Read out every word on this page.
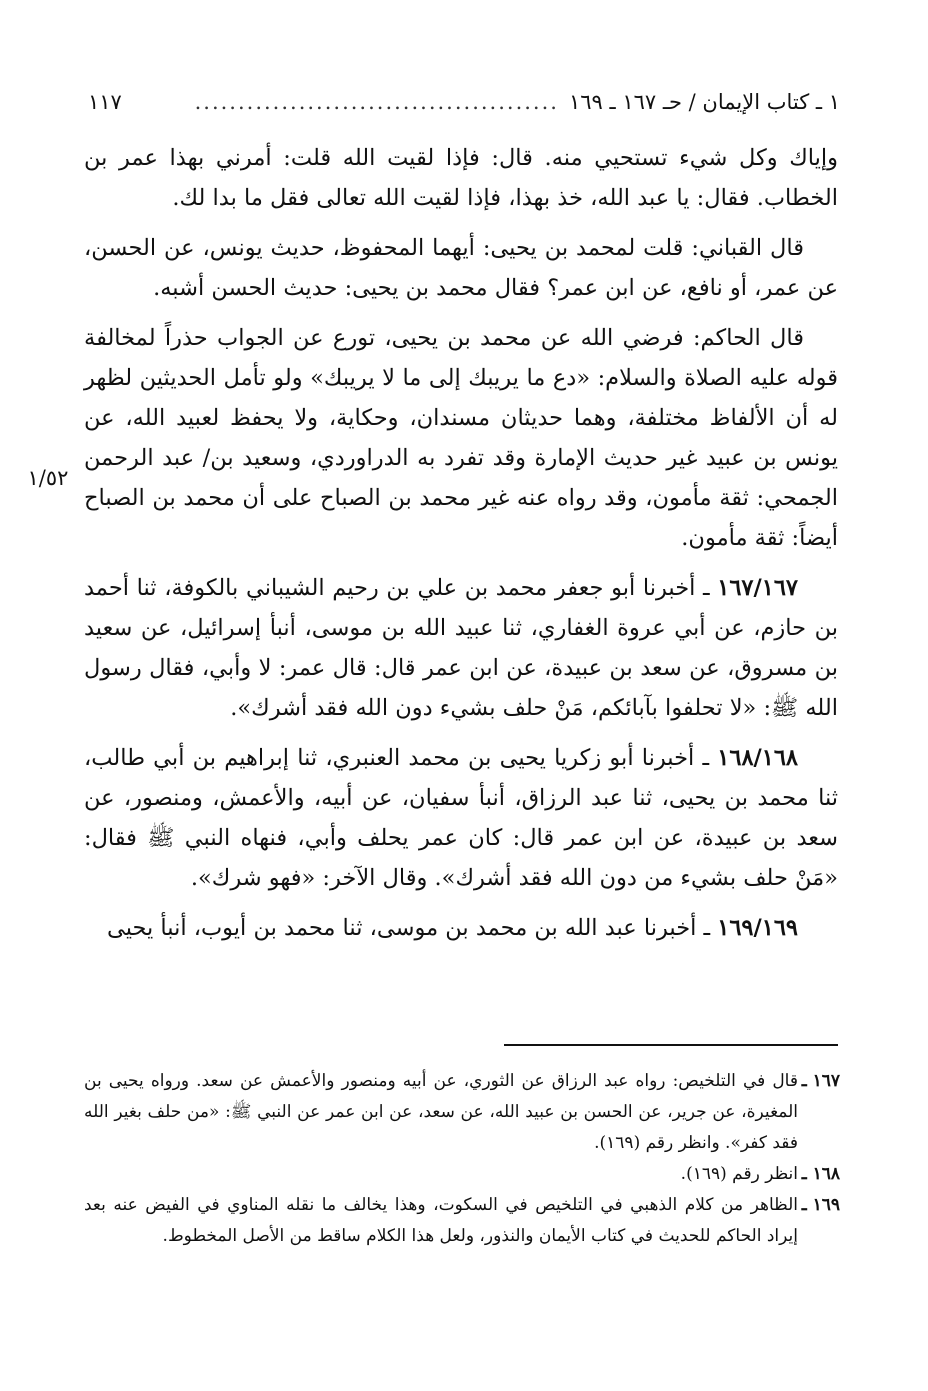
١ ـ كتاب الإيمان / حـ ١٦٧ ـ ١٦٩
..........................................
١١٧
١/٥٢

وإياك وكل شيء تستحيي منه. قال: فإذا لقيت الله قلت: أمرني بهذا عمر بن الخطاب. فقال: يا عبد الله، خذ بهذا، فإذا لقيت الله تعالى فقل ما بدا لك.

قال القباني: قلت لمحمد بن يحيى: أيهما المحفوظ، حديث يونس، عن الحسن، عن عمر، أو نافع، عن ابن عمر؟ فقال محمد بن يحيى: حديث الحسن أشبه.

قال الحاكم: فرضي الله عن محمد بن يحيى، تورع عن الجواب حذراً لمخالفة قوله عليه الصلاة والسلام: «دع ما يريبك إلى ما لا يريبك» ولو تأمل الحديثين لظهر له أن الألفاظ مختلفة، وهما حديثان مسندان، وحكاية، ولا يحفظ لعبيد الله، عن يونس بن عبيد غير حديث الإمارة وقد تفرد به الدراوردي، وسعيد بن/ عبد الرحمن الجمحي: ثقة مأمون، وقد رواه عنه غير محمد بن الصباح على أن محمد بن الصباح أيضاً: ثقة مأمون.

١٦٧/١٦٧ ـ أخبرنا أبو جعفر محمد بن علي بن رحيم الشيباني بالكوفة، ثنا أحمد بن حازم، عن أبي عروة الغفاري، ثنا عبيد الله بن موسى، أنبأ إسرائيل، عن سعيد بن مسروق، عن سعد بن عبيدة، عن ابن عمر قال: قال عمر: لا وأبي، فقال رسول الله ﷺ: «لا تحلفوا بآبائكم، مَنْ حلف بشيء دون الله فقد أشرك».

١٦٨/١٦٨ ـ أخبرنا أبو زكريا يحيى بن محمد العنبري، ثنا إبراهيم بن أبي طالب، ثنا محمد بن يحيى، ثنا عبد الرزاق، أنبأ سفيان، عن أبيه، والأعمش، ومنصور، عن سعد بن عبيدة، عن ابن عمر قال: كان عمر يحلف وأبي، فنهاه النبي ﷺ فقال: «مَنْ حلف بشيء من دون الله فقد أشرك». وقال الآخر: «فهو شرك».

١٦٩/١٦٩ ـ أخبرنا عبد الله بن محمد بن موسى، ثنا محمد بن أيوب، أنبأ يحيى

١٦٧ ـ
قال في التلخيص: رواه عبد الرزاق عن الثوري، عن أبيه ومنصور والأعمش عن سعد. ورواه يحيى بن المغيرة، عن جرير، عن الحسن بن عبيد الله، عن سعد، عن ابن عمر عن النبي ﷺ: «من حلف بغير الله فقد كفر». وانظر رقم (١٦٩).

١٦٨ ـ
انظر رقم (١٦٩).

١٦٩ ـ
الظاهر من كلام الذهبي في التلخيص في السكوت، وهذا يخالف ما نقله المناوي في الفيض عنه بعد إيراد الحاكم للحديث في كتاب الأيمان والنذور، ولعل هذا الكلام ساقط من الأصل المخطوط.
